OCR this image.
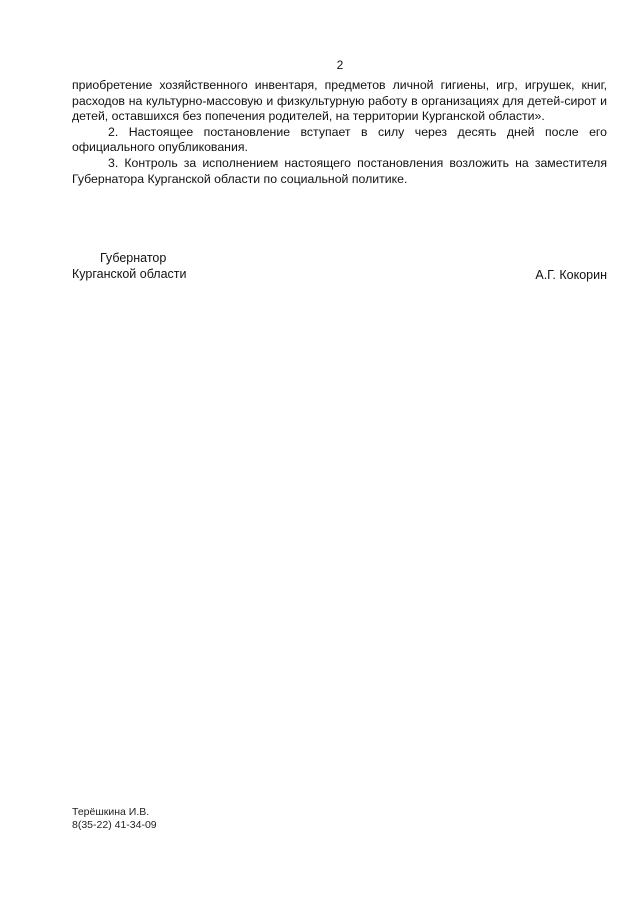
2

приобретение хозяйственного инвентаря, предметов личной гигиены, игр, игрушек, книг, расходов на культурно-массовую и физкультурную работу в организациях для детей-сирот и детей, оставшихся без попечения родителей, на территории Курганской области».

2. Настоящее постановление вступает в силу через десять дней после его официального опубликования.

3. Контроль за исполнением настоящего постановления возложить на заместителя Губернатора Курганской области по социальной политике.

Губернатор
Курганской области	А.Г. Кокорин
Терёшкина И.В.
8(35-22) 41-34-09
